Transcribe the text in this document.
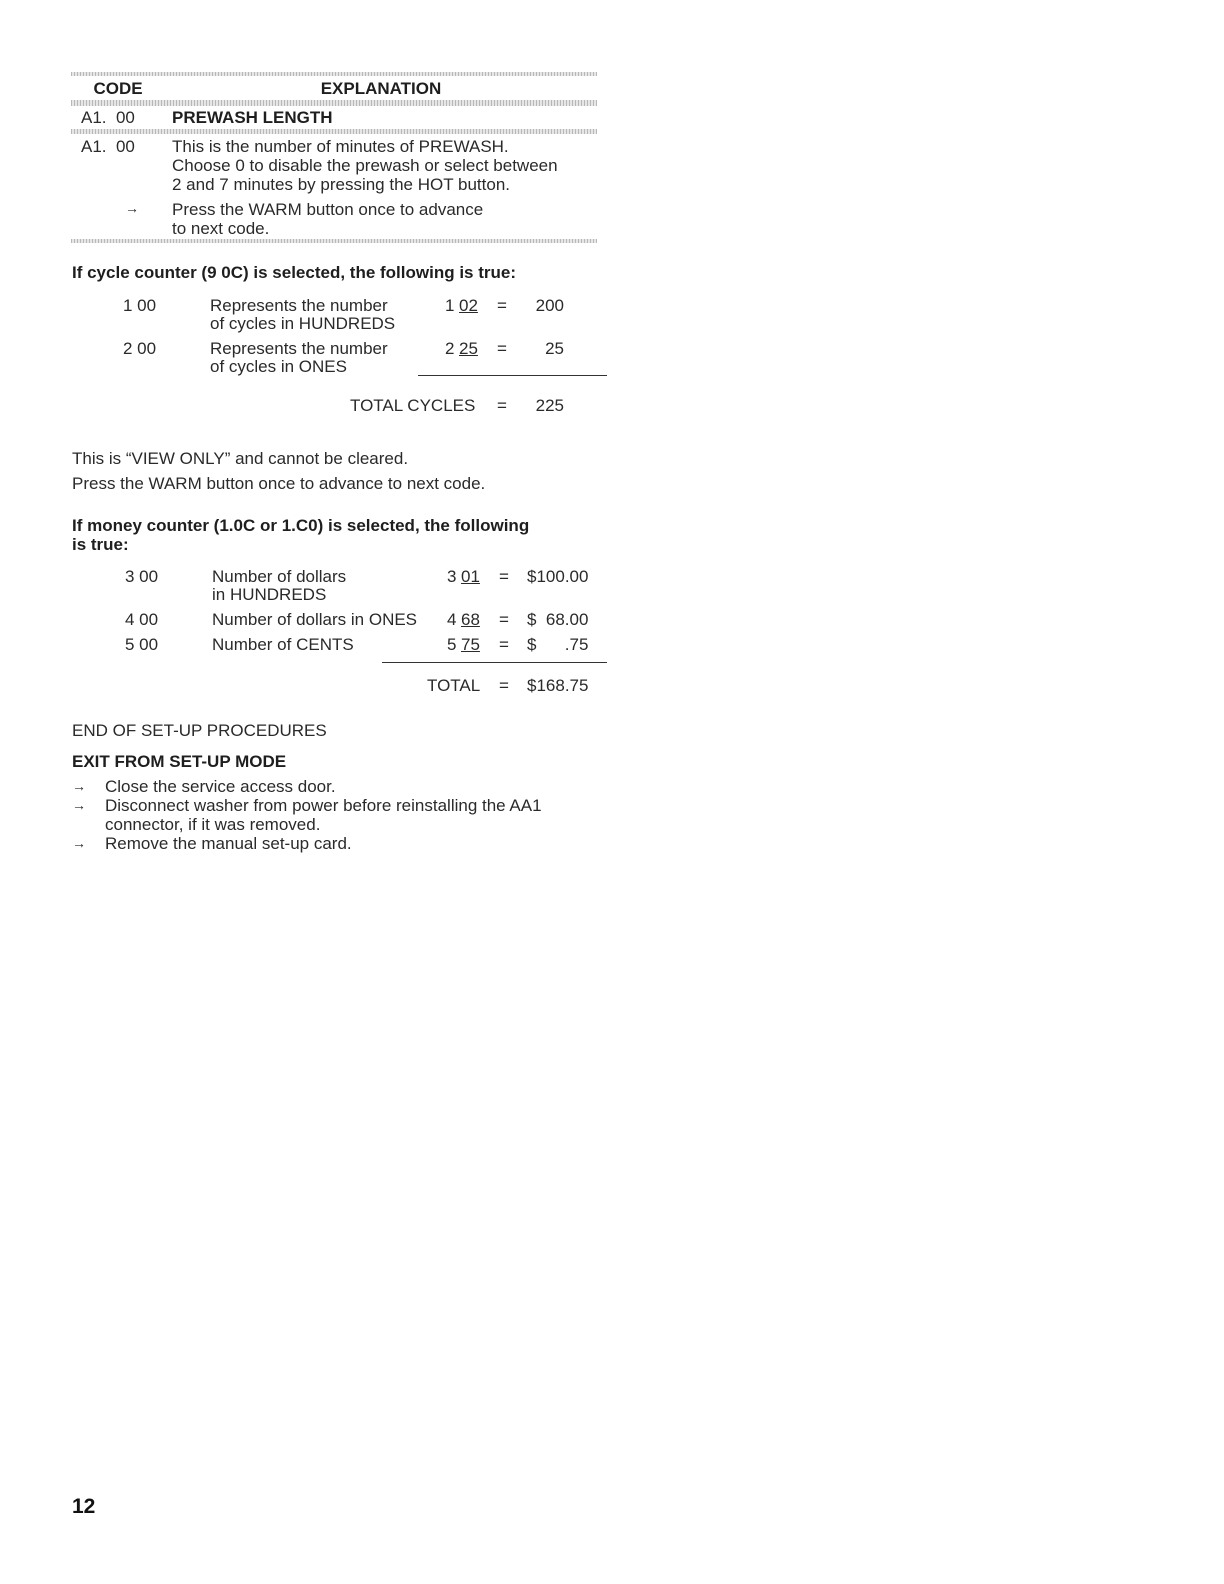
CODE	EXPLANATION
A1.  00 PREWASH LENGTH
A1.  00 This is the number of minutes of PREWASH.
Choose 0 to disable the prewash or select between
2 and 7 minutes by pressing the HOT button.
→ Press the WARM button once to advance
to next code.
If cycle counter (9 0C) is selected, the following is true:
1 00	Represents the number
of cycles in HUNDREDS
1 02 =	200
2 00	Represents the number
of cycles in ONES
2 25 =	25
TOTAL CYCLES =	225
This is “VIEW ONLY” and cannot be cleared.
Press the WARM button once to advance to next code.
If money counter (1.0C or 1.C0) is selected, the following
is true:
3 00	Number of dollars
in HUNDREDS
3 01 = $100.00
4 00	Number of dollars in ONES 4 68 = $  68.00
5 00	Number of CENTS	5 75 = $      .75
TOTAL = $168.75
END OF SET-UP PROCEDURES
EXIT FROM SET-UP MODE
→ Close the service access door.
→ Disconnect washer from power before reinstalling the AA1
connector, if it was removed.
→ Remove the manual set-up card.
12
